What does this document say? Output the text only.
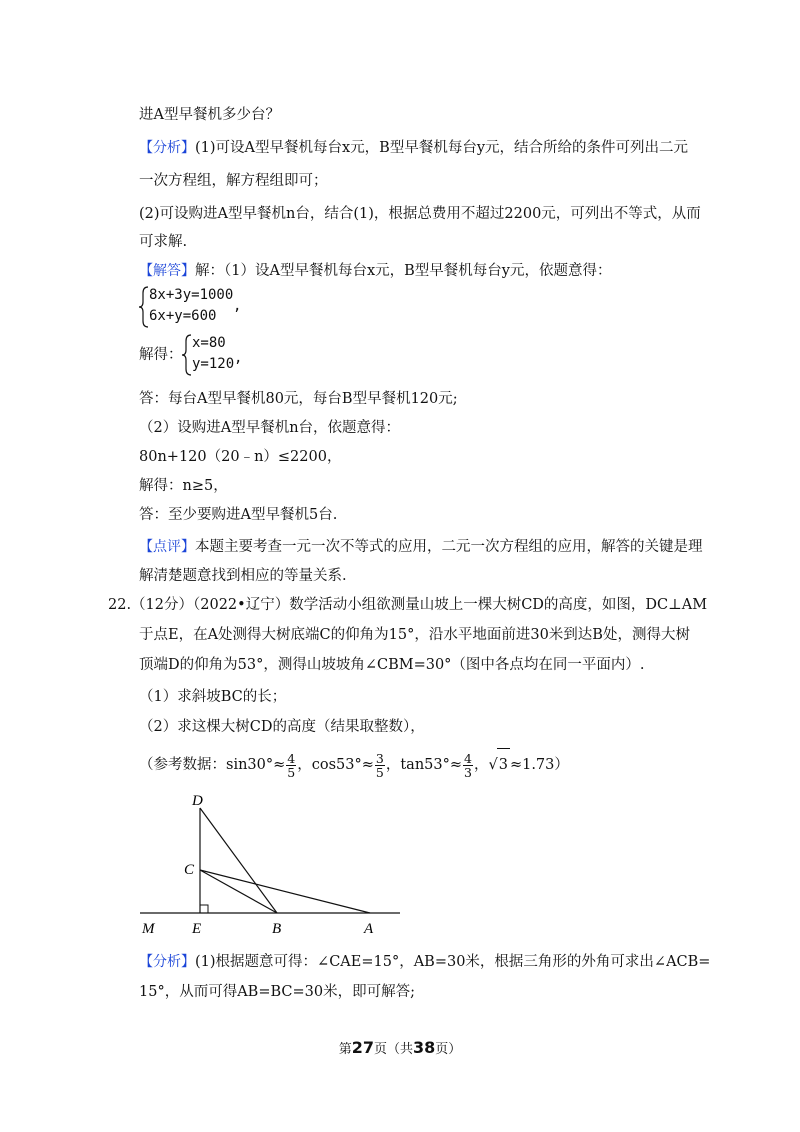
进A型早餐机多少台？
【分析】(1)可设A型早餐机每台x元，B型早餐机每台y元，结合所给的条件可列出二元
一次方程组，解方程组即可；
(2)可设购进A型早餐机n台，结合(1)，根据总费用不超过2200元，可列出不等式，从而
可求解.
【解答】解：（1）设A型早餐机每台x元，B型早餐机每台y元，依题意得：
8x+3y=1000
6x+y=600
,
解得：
x=80
y=120 ,
答：每台A型早餐机80元，每台B型早餐机120元;
（2）设购进A型早餐机n台，依题意得：
80n+120（20﹣n）≤2200，
解得：n≥5，
答：至少要购进A型早餐机5台.
【点评】本题主要考查一元一次不等式的应用，二元一次方程组的应用，解答的关键是理
解清楚题意找到相应的等量关系.
22.（12分）（2022•辽宁）数学活动小组欲测量山坡上一棵大树CD的高度，如图，DC⊥AM
于点E，在A处测得大树底端C的仰角为15°，沿水平地面前进30米到达B处，测得大树
顶端D的仰角为53°，测得山坡坡角∠CBM=30°（图中各点均在同一平面内）.
（1）求斜坡BC的长；
（2）求这棵大树CD的高度（结果取整数），
（参考数据：$\sin 30^\circ\approx \frac{4}{5}$ ，$\cos 53^\circ\approx \frac{3}{5}$ ，$\tan 53^\circ\approx \frac{4}{3}$ ，√3 ≈1.73）
D
C
E	B	A
M
【分析】(1)根据题意可得：∠CAE=15°，AB=30米，根据三角形的外角可求出∠ACB=
15°，从而可得AB=BC=30米，即可解答;
第27页（共38页）
